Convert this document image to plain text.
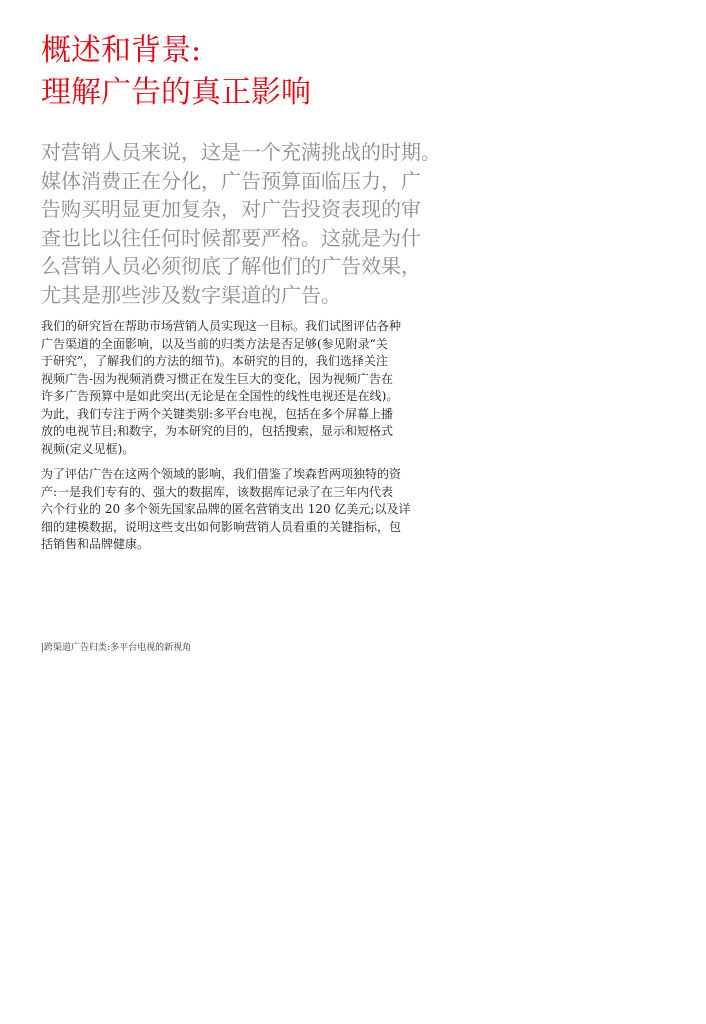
概述和背景:
理解广告的真正影响

对营销人员来说，这是一个充满挑战的时期。
媒体消费正在分化，广告预算面临压力，广
告购买明显更加复杂，对广告投资表现的审
查也比以往任何时候都要严格。这就是为什
么营销人员必须彻底了解他们的广告效果，
尤其是那些涉及数字渠道的广告。

我们的研究旨在帮助市场营销人员实现这一目标。我们试图评估各种
广告渠道的全面影响，以及当前的归类方法是否足够(参见附录“关
于研究”，了解我们的方法的细节)。本研究的目的，我们选择关注
视频广告-因为视频消费习惯正在发生巨大的变化，因为视频广告在
许多广告预算中是如此突出(无论是在全国性的线性电视还是在线)。
为此，我们专注于两个关键类别:多平台电视，包括在多个屏幕上播
放的电视节目;和数字，为本研究的目的，包括搜索，显示和短格式
视频(定义见框)。

为了评估广告在这两个领域的影响，我们借鉴了埃森哲两项独特的资
产:一是我们专有的、强大的数据库，该数据库记录了在三年内代表
六个行业的 20 多个领先国家品牌的匿名营销支出 120 亿美元;以及详
细的建模数据，说明这些支出如何影响营销人员看重的关键指标，包
括销售和品牌健康。

|跨渠道广告归类:多平台电视的新视角
